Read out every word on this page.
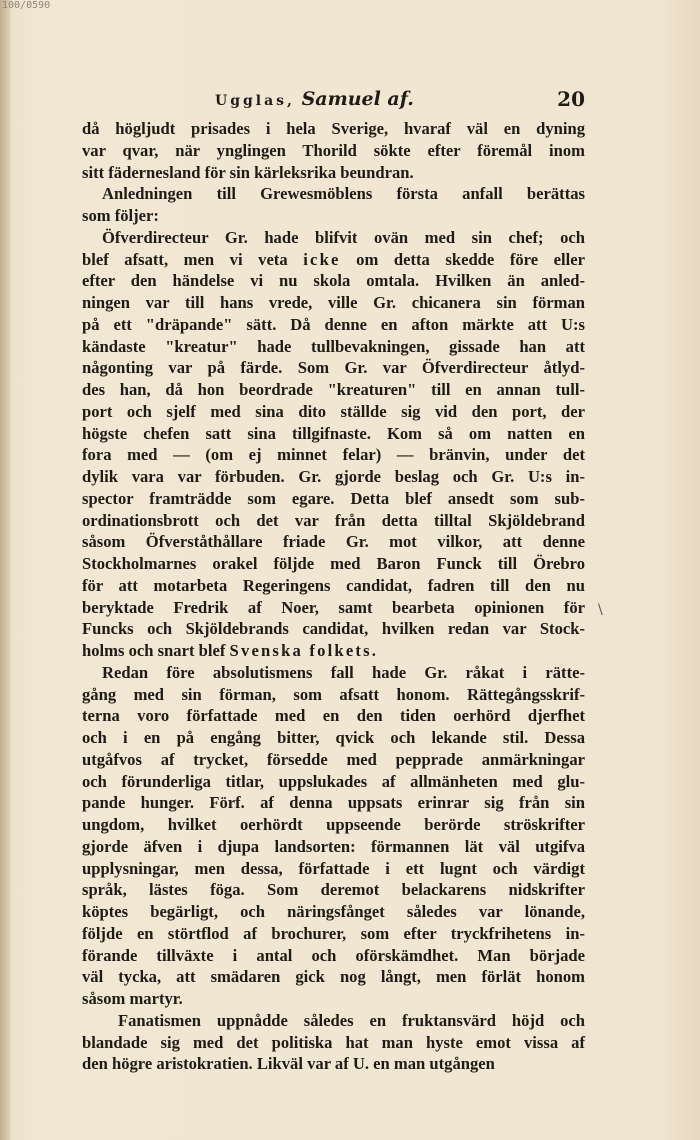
100/0590
Ugglas, Samuel af.	20
då högljudt prisades i hela Sverige, hvaraf väl en dyning
var qvar, när ynglingen Thorild sökte efter föremål inom
sitt fädernesland för sin kärleksrika beundran.
Anledningen till Grewesmöblens första anfall berättas
som följer:
Öfverdirecteur Gr. hade blifvit ovän med sin chef; och
blef afsatt, men vi veta icke om detta skedde före eller
efter den händelse vi nu skola omtala. Hvilken än anled-
ningen var till hans vrede, ville Gr. chicanera sin förman
på ett "dräpande" sätt. Då denne en afton märkte att U:s
kändaste "kreatur" hade tullbevakningen, gissade han att
någonting var på färde. Som Gr. var Öfverdirecteur åtlyd-
des han, då hon beordrade "kreaturen" till en annan tull-
port och sjelf med sina dito ställde sig vid den port, der
högste chefen satt sina tillgifnaste. Kom så om natten en
fora med — (om ej minnet felar) — bränvin, under det
dylik vara var förbuden. Gr. gjorde beslag och Gr. U:s in-
spector framträdde som egare. Detta blef ansedt som sub-
ordinationsbrott och det var från detta tilltal Skjöldebrand
såsom Öfverståthållare friade Gr. mot vilkor, att denne
Stockholmarnes orakel följde med Baron Funck till Örebro
för att motarbeta Regeringens candidat, fadren till den nu
beryktade Fredrik af Noer, samt bearbeta opinionen för
Funcks och Skjöldebrands candidat, hvilken redan var Stock-
holms och snart blef Svenska folkets.
Redan före absolutismens fall hade Gr. råkat i rätte-
gång med sin förman, som afsatt honom. Rättegångsskrif-
terna voro författade med en den tiden oerhörd djerfhet
och i en på engång bitter, qvick och lekande stil. Dessa
utgåfvos af trycket, försedde med pepprade anmärkningar
och förunderliga titlar, uppslukades af allmänheten med glu-
pande hunger. Förf. af denna uppsats erinrar sig från sin
ungdom, hvilket oerhördt uppseende berörde ströskrifter
gjorde äfven i djupa landsorten: förmannen lät väl utgifva
upplysningar, men dessa, författade i ett lugnt och värdigt
språk, lästes föga. Som deremot belackarens nidskrifter
köptes begärligt, och näringsfånget således var lönande,
följde en störtflod af brochurer, som efter tryckfrihetens in-
förande tillväxte i antal och oförskämdhet. Man började
väl tycka, att smädaren gick nog långt, men förlät honom
såsom martyr.
Fanatismen uppnådde således en fruktansvärd höjd och
blandade sig med det politiska hat man hyste emot vissa af
den högre aristokratien. Likväl var af U. en man utgången
\
